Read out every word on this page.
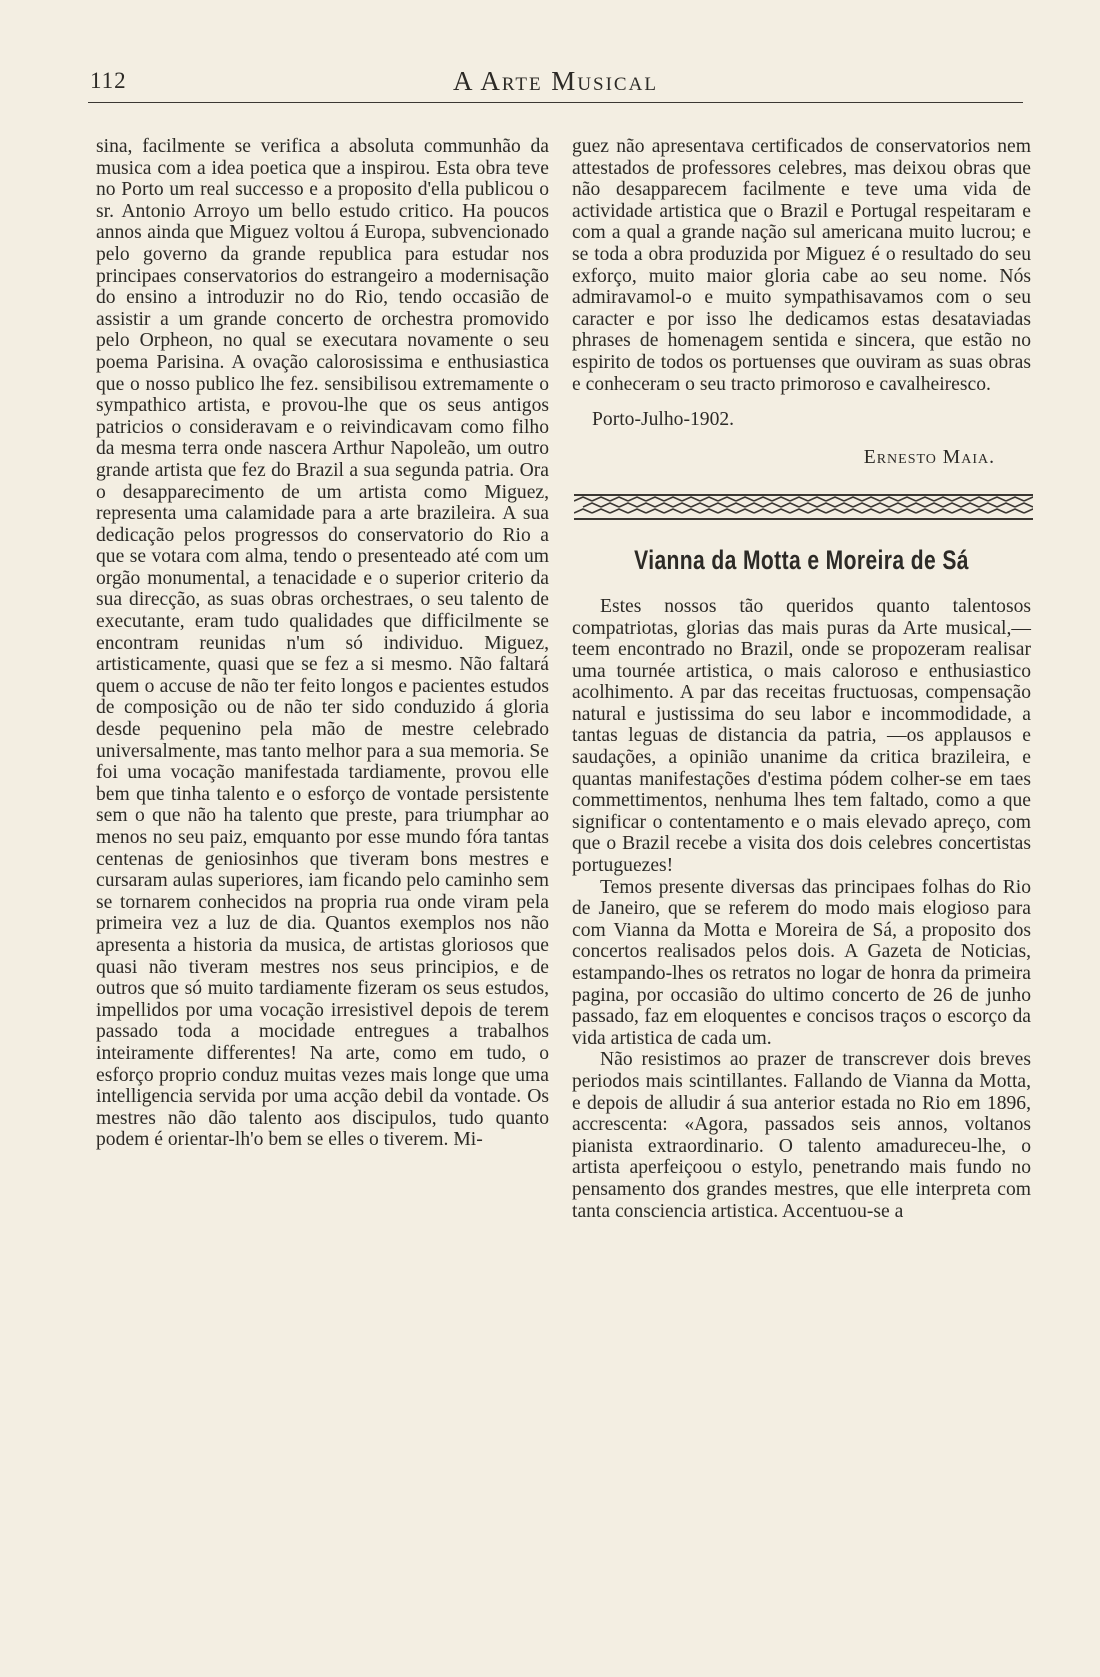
112	A Arte Musical

sina, facilmente se verifica a absoluta communhão da musica com a idea poetica que a inspirou. Esta obra teve no Porto um real successo e a proposito d'ella publicou o sr. Antonio Arroyo um bello estudo critico. Ha poucos annos ainda que Miguez voltou á Europa, subvencionado pelo governo da grande republica para estudar nos principaes conservatorios do estrangeiro a modernisação do ensino a introduzir no do Rio, tendo occasião de assistir a um grande concerto de orchestra promovido pelo Orpheon, no qual se executara novamente o seu poema Parisina. A ovação calorosissima e enthusiastica que o nosso publico lhe fez. sensibilisou extremamente o sympathico artista, e provou-lhe que os seus antigos patricios o consideravam e o reivindicavam como filho da mesma terra onde nascera Arthur Napoleão, um outro grande artista que fez do Brazil a sua segunda patria. Ora o desapparecimento de um artista como Miguez, representa uma calamidade para a arte brazileira. A sua dedicação pelos progressos do conservatorio do Rio a que se votara com alma, tendo o presenteado até com um orgão monumental, a tenacidade e o superior criterio da sua direcção, as suas obras orchestraes, o seu talento de executante, eram tudo qualidades que difficilmente se encontram reunidas n'um só individuo. Miguez, artisticamente, quasi que se fez a si mesmo. Não faltará quem o accuse de não ter feito longos e pacientes estudos de composição ou de não ter sido conduzido á gloria desde pequenino pela mão de mestre celebrado universalmente, mas tanto melhor para a sua memoria. Se foi uma vocação manifestada tardiamente, provou elle bem que tinha talento e o esforço de vontade persistente sem o que não ha talento que preste, para triumphar ao menos no seu paiz, emquanto por esse mundo fóra tantas centenas de geniosinhos que tiveram bons mestres e cursaram aulas superiores, iam ficando pelo caminho sem se tornarem conhecidos na propria rua onde viram pela primeira vez a luz de dia. Quantos exemplos nos não apresenta a historia da musica, de artistas gloriosos que quasi não tiveram mestres nos seus principios, e de outros que só muito tardiamente fizeram os seus estudos, impellidos por uma vocação irresistivel depois de terem passado toda a mocidade entregues a trabalhos inteiramente differentes! Na arte, como em tudo, o esforço proprio conduz muitas vezes mais longe que uma intelligencia servida por uma acção debil da vontade. Os mestres não dão talento aos discipulos, tudo quanto podem é orientar-lh'o bem se elles o tiverem. Mi-

guez não apresentava certificados de conservatorios nem attestados de professores celebres, mas deixou obras que não desapparecem facilmente e teve uma vida de actividade artistica que o Brazil e Portugal respeitaram e com a qual a grande nação sul americana muito lucrou; e se toda a obra produzida por Miguez é o resultado do seu exforço, muito maior gloria cabe ao seu nome. Nós admiravamol-o e muito sympathisavamos com o seu caracter e por isso lhe dedicamos estas desataviadas phrases de homenagem sentida e sincera, que estão no espirito de todos os portuenses que ouviram as suas obras e conheceram o seu tracto primoroso e cavalheiresco.

Porto-Julho-1902.

Ernesto Maia.

Vianna da Motta e Moreira de Sá

Estes nossos tão queridos quanto talentosos compatriotas, glorias das mais puras da Arte musical,—teem encontrado no Brazil, onde se propozeram realisar uma tournée artistica, o mais caloroso e enthusiastico acolhimento. A par das receitas fructuosas, compensação natural e justissima do seu labor e incommodidade, a tantas leguas de distancia da patria, —os applausos e saudações, a opinião unanime da critica brazileira, e quantas manifestações d'estima pódem colher-se em taes commettimentos, nenhuma lhes tem faltado, como a que significar o contentamento e o mais elevado apreço, com que o Brazil recebe a visita dos dois celebres concertistas portuguezes!

Temos presente diversas das principaes folhas do Rio de Janeiro, que se referem do modo mais elogioso para com Vianna da Motta e Moreira de Sá, a proposito dos concertos realisados pelos dois. A Gazeta de Noticias, estampando-lhes os retratos no logar de honra da primeira pagina, por occasião do ultimo concerto de 26 de junho passado, faz em eloquentes e concisos traços o escorço da vida artistica de cada um.

Não resistimos ao prazer de transcrever dois breves periodos mais scintillantes. Fallando de Vianna da Motta, e depois de alludir á sua anterior estada no Rio em 1896, accrescenta: «Agora, passados seis annos, voltanos pianista extraordinario. O talento amadureceu-lhe, o artista aperfeiçoou o estylo, penetrando mais fundo no pensamento dos grandes mestres, que elle interpreta com tanta consciencia artistica. Accentuou-se a
